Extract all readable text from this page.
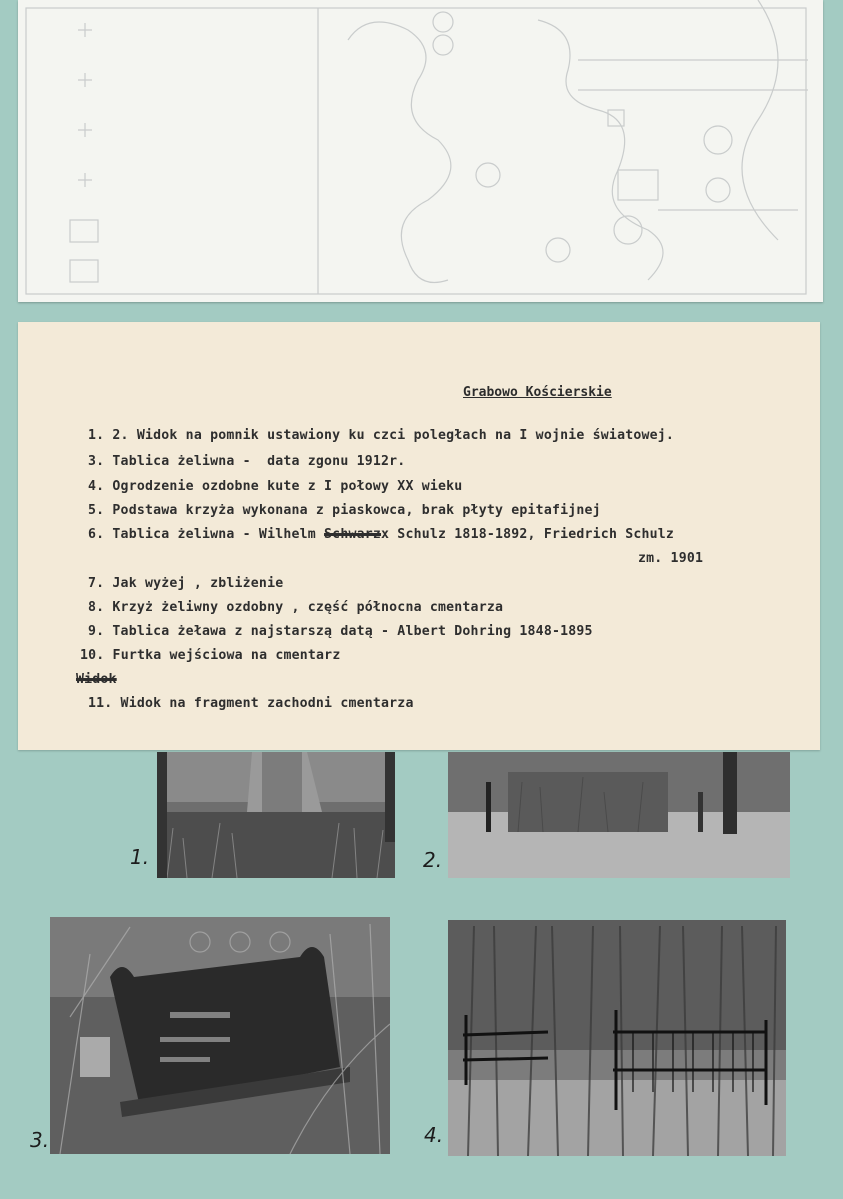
Grabowo Kościerskie
1. 2. Widok na pomnik ustawiony ku czci poległach na I wojnie światowej.
3. Tablica żeliwna -  data zgonu 1912r.
4. Ogrodzenie ozdobne kute z I połowy XX wieku
5. Podstawa krzyża wykonana z piaskowca, brak płyty epitafijnej
6. Tablica żeliwna - Wilhelm Schwarzx Schulz 1818-1892, Friedrich Schulz
zm. 1901
7. Jak wyżej , zbliżenie
8. Krzyż żeliwny ozdobny , część północna cmentarza
9. Tablica żeława z najstarszą datą - Albert Dohring 1848-1895
10. Furtka wejściowa na cmentarz
Widok
11. Widok na fragment zachodni cmentarza
1.	2.
3.	4.
